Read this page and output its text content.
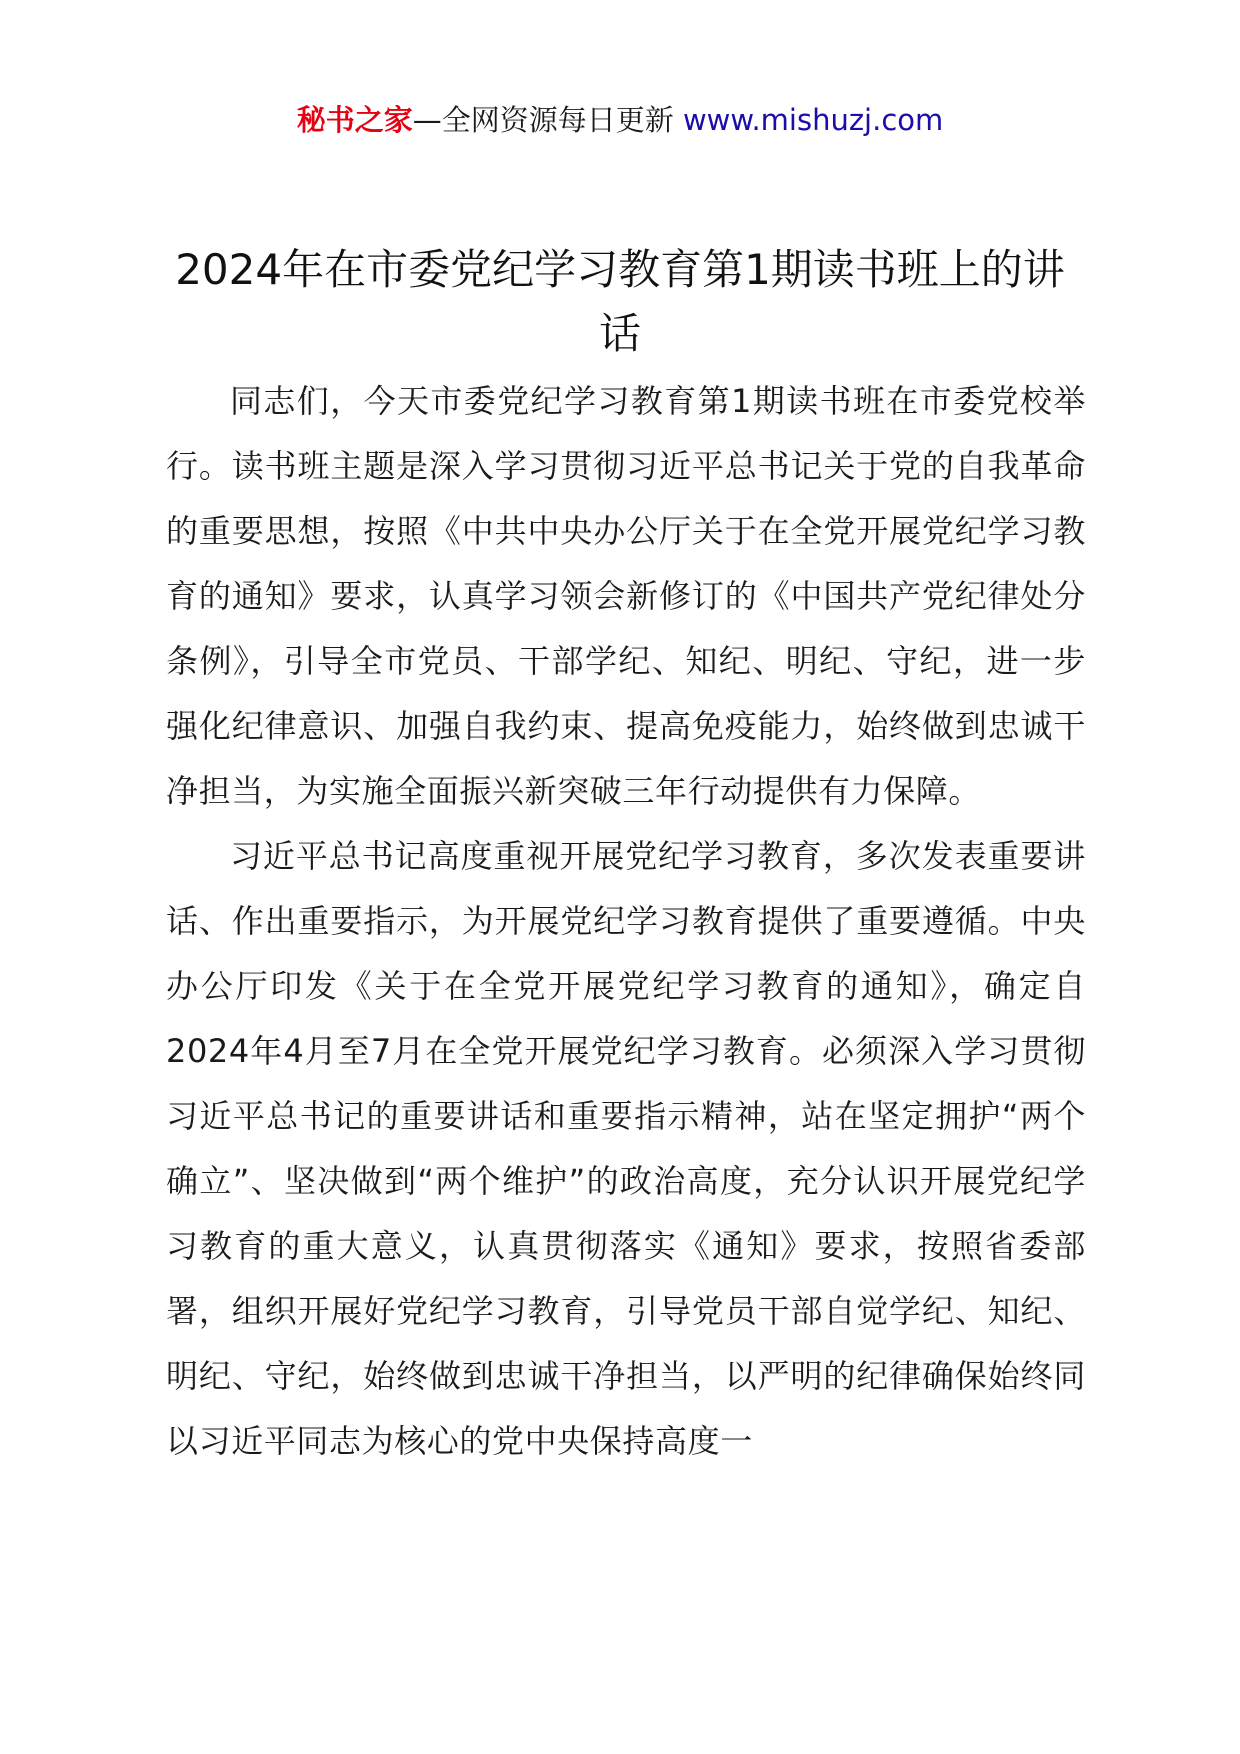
秘书之家—全网资源每日更新 www.mishuzj.com
2024年在市委党纪学习教育第1期读书班上的讲话

同志们，今天市委党纪学习教育第1期读书班在市委党校举行。读书班主题是深入学习贯彻习近平总书记关于党的自我革命的重要思想，按照《中共中央办公厅关于在全党开展党纪学习教育的通知》要求，认真学习领会新修订的《中国共产党纪律处分条例》，引导全市党员、干部学纪、知纪、明纪、守纪，进一步强化纪律意识、加强自我约束、提高免疫能力，始终做到忠诚干净担当，为实施全面振兴新突破三年行动提供有力保障。

习近平总书记高度重视开展党纪学习教育，多次发表重要讲话、作出重要指示，为开展党纪学习教育提供了重要遵循。中央办公厅印发《关于在全党开展党纪学习教育的通知》，确定自2024年4月至7月在全党开展党纪学习教育。必须深入学习贯彻习近平总书记的重要讲话和重要指示精神，站在坚定拥护“两个确立”、坚决做到“两个维护”的政治高度，充分认识开展党纪学习教育的重大意义，认真贯彻落实《通知》要求，按照省委部署，组织开展好党纪学习教育，引导党员干部自觉学纪、知纪、明纪、守纪，始终做到忠诚干净担当，以严明的纪律确保始终同以习近平同志为核心的党中央保持高度一
